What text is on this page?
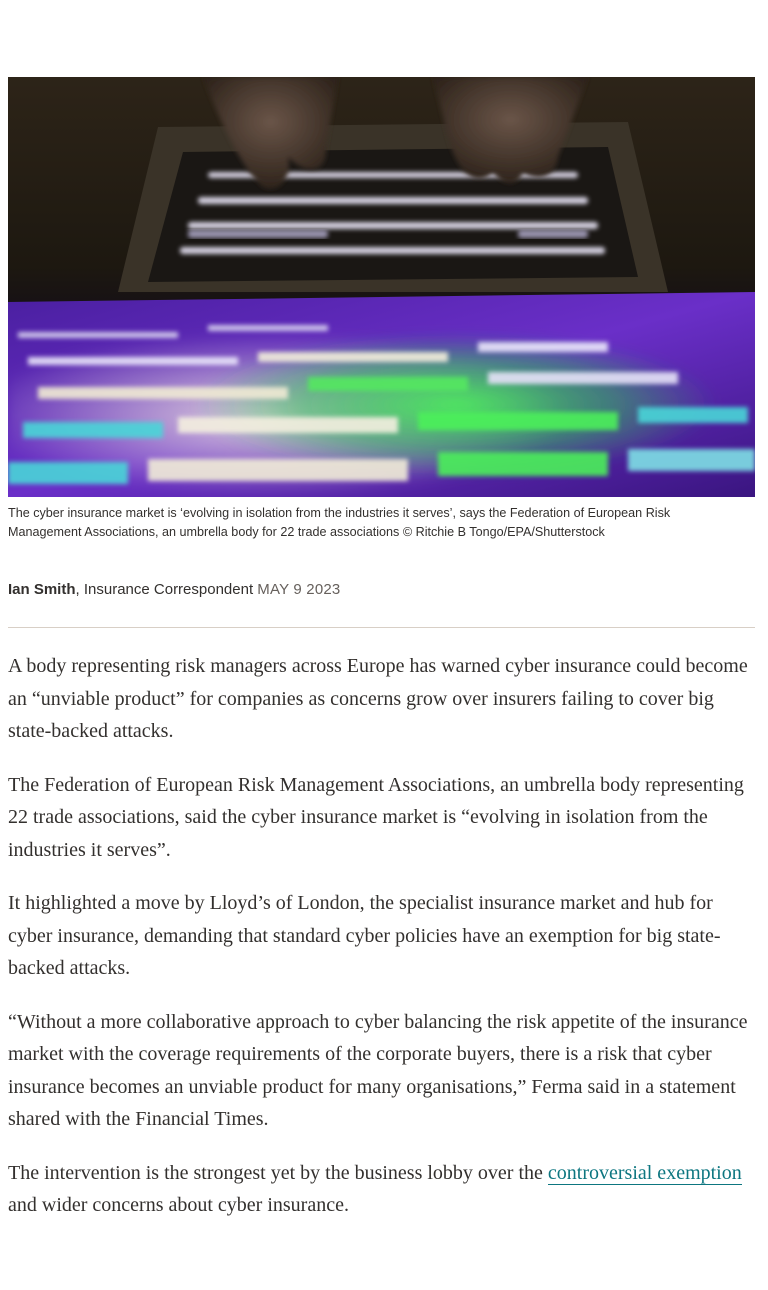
The cyber insurance market is ‘evolving in isolation from the industries it serves’, says the Federation of European Risk Management Associations, an umbrella body for 22 trade associations © Ritchie B Tongo/EPA/Shutterstock
Ian Smith, Insurance Correspondent MAY 9 2023

A body representing risk managers across Europe has warned cyber insurance could become an “unviable product” for companies as concerns grow over insurers failing to cover big state-backed attacks.

The Federation of European Risk Management Associations, an umbrella body representing 22 trade associations, said the cyber insurance market is “evolving in isolation from the industries it serves”.

It highlighted a move by Lloyd’s of London, the specialist insurance market and hub for cyber insurance, demanding that standard cyber policies have an exemption for big state-backed attacks.

“Without a more collaborative approach to cyber balancing the risk appetite of the insurance market with the coverage requirements of the corporate buyers, there is a risk that cyber insurance becomes an unviable product for many organisations,” Ferma said in a statement shared with the Financial Times.

The intervention is the strongest yet by the business lobby over the controversial exemption and wider concerns about cyber insurance.
